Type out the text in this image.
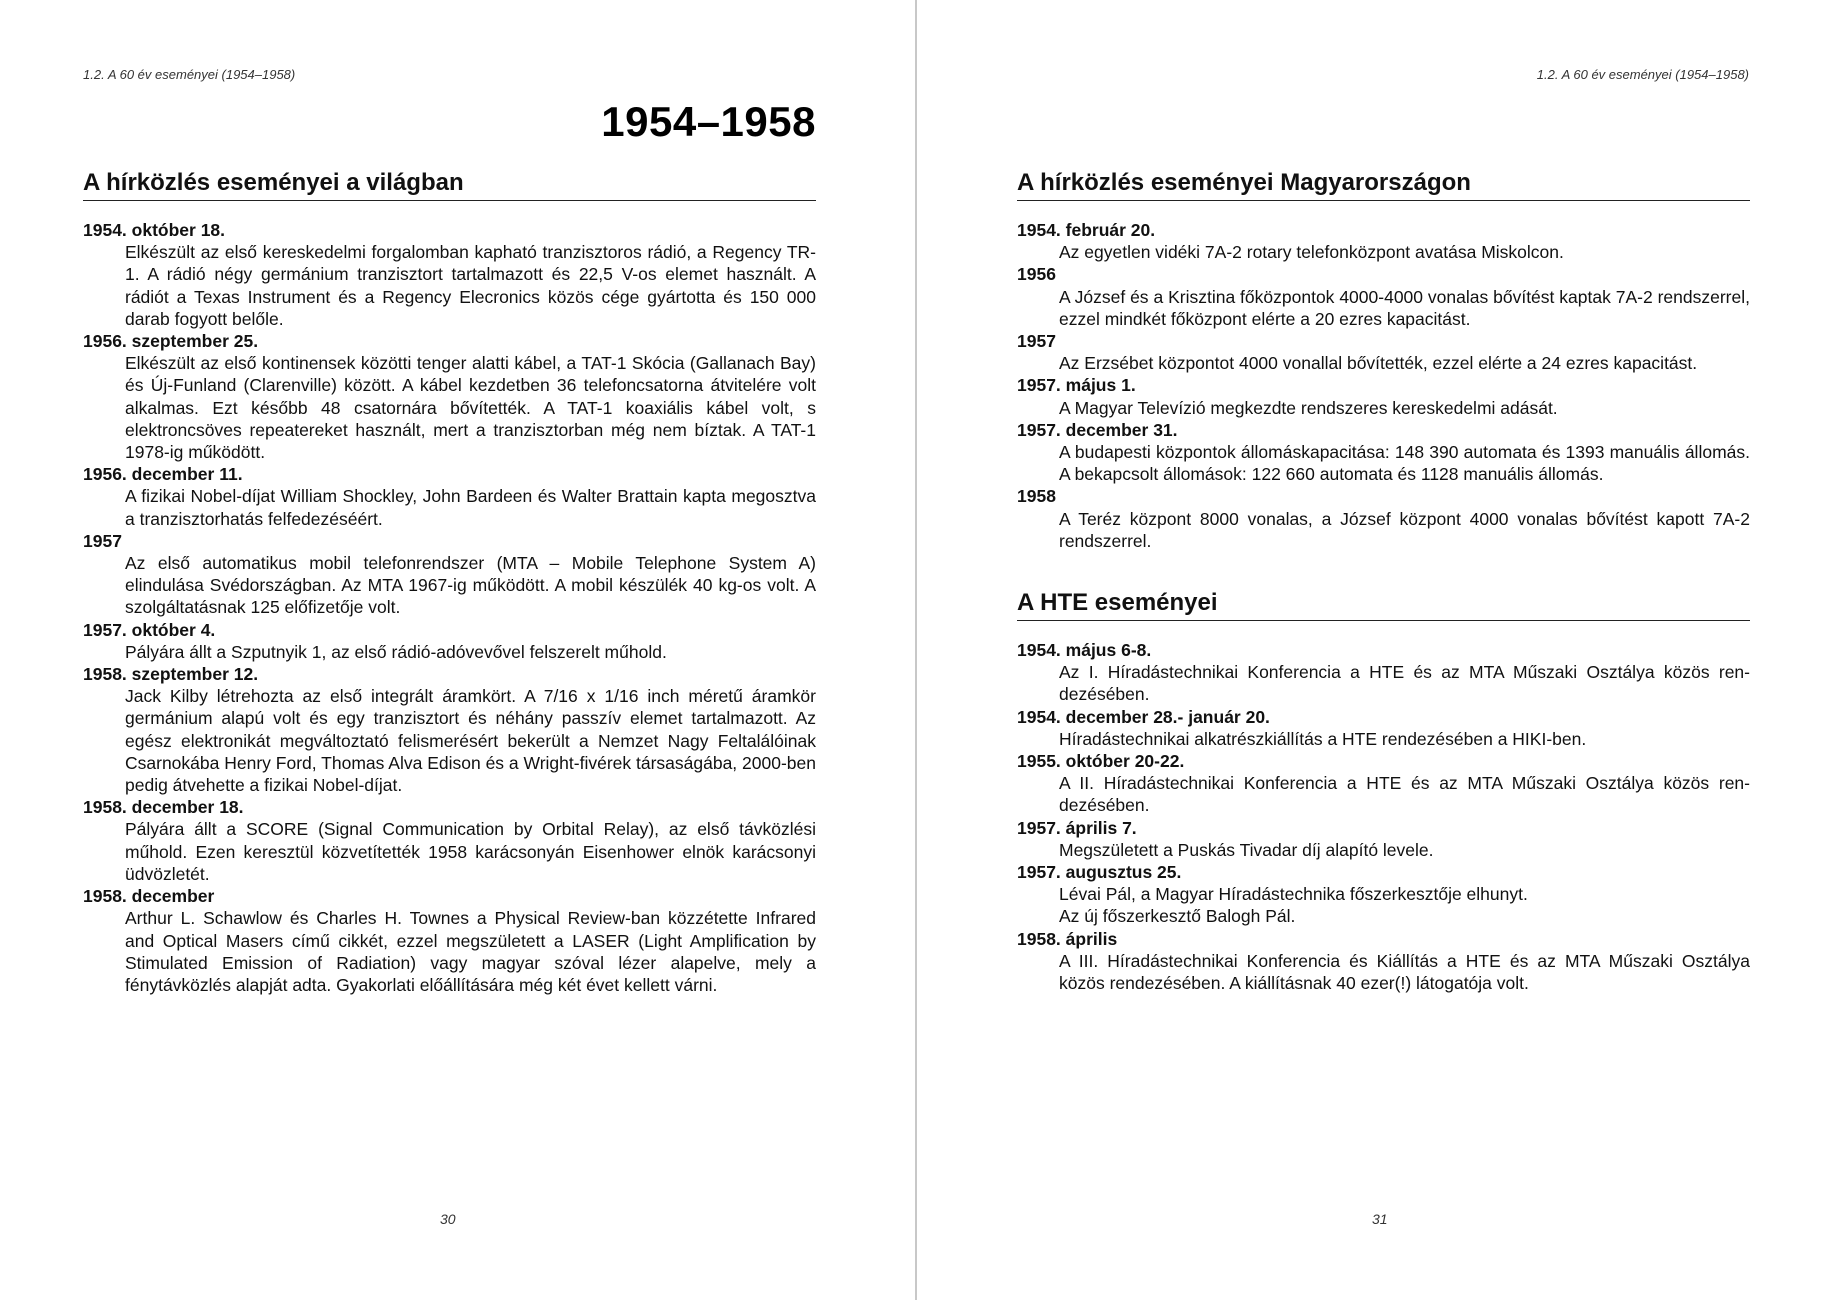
1.2. A 60 év eseményei (1954–1958)
1954–1958
A hírközlés eseményei a világban
1954. október 18.
Elkészült az első kereskedelmi forgalomban kapható tranzisztoros rádió, a Regency TR-1. A rádió négy germánium tranzisztort tartalmazott és 22,5 V-os elemet használt. A rádiót a Texas Instrument és a Regency Elecronics közös cége gyártotta és 150 000 darab fogyott belőle.
1956. szeptember 25.
Elkészült az első kontinensek közötti tenger alatti kábel, a TAT-1 Skócia (Gallanach Bay) és Új-Funland (Clarenville) között. A kábel kezdetben 36 telefoncsatorna átvitelére volt alkalmas. Ezt később 48 csatornára bővítették. A TAT-1 koaxiális kábel volt, s elektroncsöves repeatereket használt, mert a tranzisztorban még nem bíztak. A TAT-1 1978-ig működött.
1956. december 11.
A fizikai Nobel-díjat William Shockley, John Bardeen és Walter Brattain kapta megosztva a tranzisztorhatás felfedezéséért.
1957
Az első automatikus mobil telefonrendszer (MTA – Mobile Telephone System A) elindulása Svédországban. Az MTA 1967-ig működött. A mobil készülék 40 kg-os volt. A szolgáltatásnak 125 előfizetője volt.
1957. október 4.
Pályára állt a Szputnyik 1, az első rádió-adóvevővel felszerelt műhold.
1958. szeptember 12.
Jack Kilby létrehozta az első integrált áramkört. A 7/16 x 1/16 inch méretű áramkör germánium alapú volt és egy tranzisztort és néhány passzív elemet tartalmazott. Az egész elektronikát megváltoztató felismerésért bekerült a Nemzet Nagy Feltalálóinak Csarnokába Henry Ford, Thomas Alva Edison és a Wright-fivérek társaságába, 2000-ben pedig átvehette a fizikai Nobel-díjat.
1958. december 18.
Pályára állt a SCORE (Signal Communication by Orbital Relay), az első távközlési műhold. Ezen keresztül közvetítették 1958 karácsonyán Eisenhower elnök karácsonyi üdvözletét.
1958. december
Arthur L. Schawlow és Charles H. Townes a Physical Review-ban közzétette Infrared and Optical Masers című cikkét, ezzel megszületett a LASER (Light Amplification by Stimulated Emission of Radiation) vagy magyar szóval lézer alapelve, mely a fénytávközlés alapját adta. Gyakorlati előállítására még két évet kellett várni.
30
1.2. A 60 év eseményei (1954–1958)
A hírközlés eseményei Magyarországon
1954. február 20.
Az egyetlen vidéki 7A-2 rotary telefonközpont avatása Miskolcon.
1956
A József és a Krisztina főközpontok 4000-4000 vonalas bővítést kaptak 7A-2 rendszerrel, ezzel mindkét főközpont elérte a 20 ezres kapacitást.
1957
Az Erzsébet központot 4000 vonallal bővítették, ezzel elérte a 24 ezres kapacitást.
1957. május 1.
A Magyar Televízió megkezdte rendszeres kereskedelmi adását.
1957. december 31.
A budapesti központok állomáskapacitása: 148 390 automata és 1393 manuális állomás. A bekapcsolt állomások: 122 660 automata és 1128 manuális állomás.
1958
A Teréz központ 8000 vonalas, a József központ 4000 vonalas bővítést kapott 7A-2 rendszerrel.
A HTE eseményei
1954. május 6-8.
Az I. Híradástechnikai Konferencia a HTE és az MTA Műszaki Osztálya közös rendezésében.
1954. december 28.- január 20.
Híradástechnikai alkatrészkiállítás a HTE rendezésében a HIKI-ben.
1955. október 20-22.
A II. Híradástechnikai Konferencia a HTE és az MTA Műszaki Osztálya közös rendezésében.
1957. április 7.
Megszületett a Puskás Tivadar díj alapító levele.
1957. augusztus 25.
Lévai Pál, a Magyar Híradástechnika főszerkesztője elhunyt.
Az új főszerkesztő Balogh Pál.
1958. április
A III. Híradástechnikai Konferencia és Kiállítás a HTE és az MTA Műszaki Osztálya közös rendezésében. A kiállításnak 40 ezer(!) látogatója volt.
31
